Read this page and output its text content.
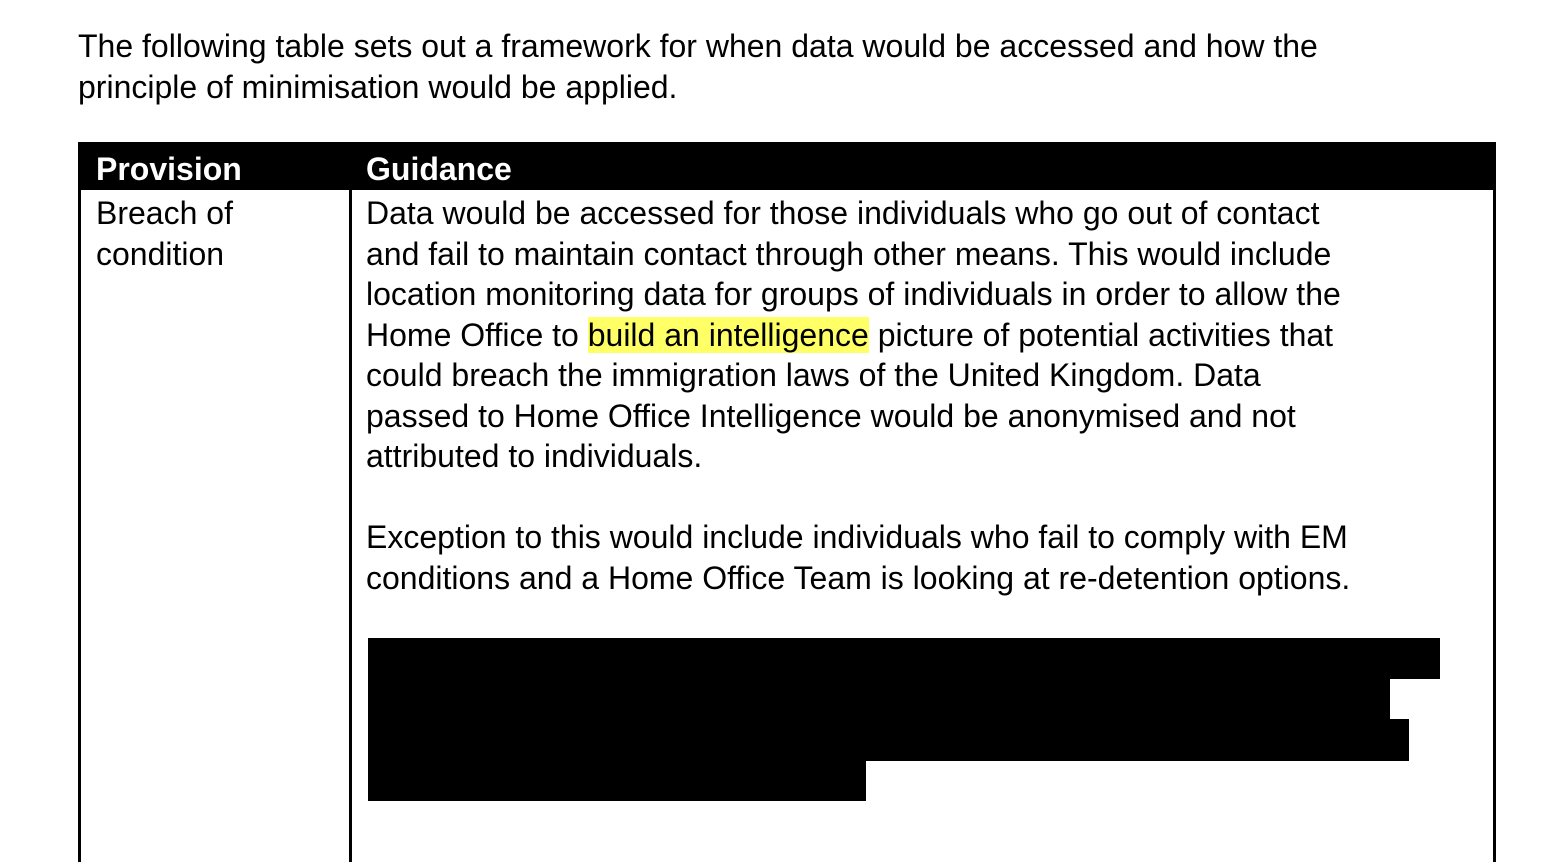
The following table sets out a framework for when data would be accessed and how the
principle of minimisation would be applied.
Provision	Guidance
Breach of
condition

Data would be accessed for those individuals who go out of contact
and fail to maintain contact through other means. This would include
location monitoring data for groups of individuals in order to allow the
Home Office to build an intelligence picture of potential activities that
could breach the immigration laws of the United Kingdom. Data
passed to Home Office Intelligence would be anonymised and not
attributed to individuals.

Exception to this would include individuals who fail to comply with EM
conditions and a Home Office Team is looking at re-detention options.
